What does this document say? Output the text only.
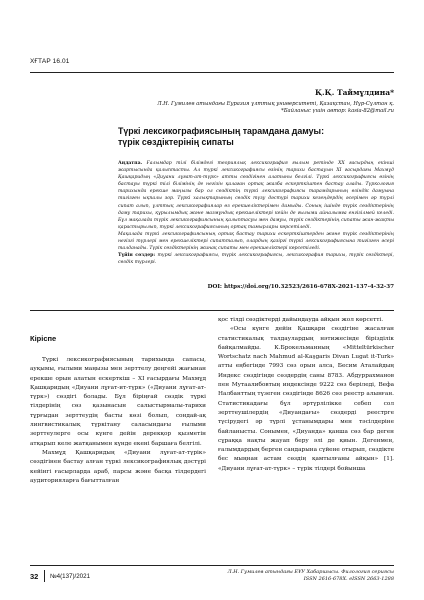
ХҒТАР 16.01
Қ.Қ. Таймұлдина*
Л.Н. Гумилев атындағы Еуразия ұлттық университеті, Қазақстан, Нұр-Сұлтан қ.
*Байланыс үшін автор: kasia-82@mail.ru
Түркі лексикографиясының тарамдана дамуы:
түрік сөздіктерінің сипаты

Аңдатпа. Ғалымдар тілі білімдегі теориялық лексикография ғылым ретінде ХХ ғасырдың екінші жартысында қалыптасты. Ал түркі лексикографиясы өзінің тарихи бастауын ХІ ғасырдағы Махмұд Қашқаридың «Диуани лұғат-ат-түрк» атты сөздігінен алатыны белгілі. Түркі лексикографиясы өзінің бастауы түркі тілі білімінің де негізін қалаған ортақ жазба ескерткіштен бастау алады. Түркология тарихында ерекше маңызы бар ол сөздіктің түркі лексикографиясы тарамдарының өзіндік дамуына тигізген ықпалы зор. Түркі халықтарының сөздік түзу дәстүрі тарихи кезеңдердің әсерімен әр түрлі сипат алып, ұлттық лексикографиялар өз ерекшеліктерімен дамыды. Соның ішінде түрік сөздіктерінің даму тарихы, құрылымдық және мазмұндық ерекшеліктері кейін де ғылыми айналымға енгізілмей келеді. Бұл мақалада түрік лексикографиясының қалыптасуы мен дамуы, түрік сөздіктерінің сипаты жан-жақты қарастырылып, түркі лексикографиясының ортақ тамырлары көрсетіледі.

Мақалада түркі лексикографиясының ортақ бастау тарихи ескерткіштерден және түрік сөздіктерінің негізгі түрлері мен ерекшеліктері сипатталып, олардың қазіргі түркі лексикографиясына тигізген әсері талданады. Түрік сөздіктерінің жинақ сипаты мен ерекшеліктері көрсетіледі.

Түйін сөздер: түркі лексикографиясы, түрік лексикографиясы, лексикография тарихы, түрік сөздіктері, сөздік түрлері.

DOI: https://doi.org/10.32523/2616-678X-2021-137-4-32-37
Кіріспе

Түркі лексикографиясының тарихында сапасы, ауқымы, ғылыми маңызы мен зерттелу деңгейі жағынан ерекше орын алатын ескерткіш – ХІ ғасырдағы Махмұд Қашқаридың «Диуани лұғат-ит-түрк» («Диуани лұғат-ат-түрк») сөздігі болады. Бұл біріңғай сөздік түркі тілдерінің сөз қазынасын салыстырмалы-тарихи тұрғыдан зерттеудің басты көзі болып, сондай-ақ лингвистикалық түркітану саласындағы ғылыми зерттеулерге осы күнге дейін дерекқор қызметін атқарып келе жатқанымен күнде екені баршаға белгілі.

Махмұд Қашқаридың «Диуани лұғат-ат-түрік» сөздігінен бастау алған түркі лексикографиялық дәстүрі кейінгі ғасырларда араб, парсы және басқа тілдердегі аудиторияларға бағытталған

қос тілді сөздіктерді дайындауда айқын жол көрсетті.

«Осы күнге дейін Қашқари сөздігіне жасалған статистикалық талдаулардың нәтижесінде бірізділік байқалмайды. К.Брокельманның «Mitteltürkischer Wortschatz nach Mahmud al-Kaşgaris Divan Lugat it-Turk» атты еңбегінде 7993 сөз орын алса, Бесим Аталайдың Индекс сөздігінде сөздердің саны 8783. Абдуррахманов пен Мутаалибовтың индексінде 9222 сөз беріледі, Вефа Налбанттың түзеген сөздігінде 8626 сөз реестр алынған. Статистикадағы бұл әртүрлілікке себеп сол зерттеушілердің «Диуандағы» сөздерді реестрге түсірудегі әр түрлі ұстанымдары мен тәсілдеріне байланысты. Сонымен, «Диуанда» қанша сөз бар деген сұраққа нақты жауап беру әлі де қиын. Дегенмен, ғалымдардың берген сандарына сүйене отырып, сөздікте бес мыңнан астам сөздің қамтылғаны айқын» [1]. «Диуани лұғат-ат-түрк» – түрік тілдері бойынша

32 №4(137)/2021
Л.Н. Гумилев атындағы ЕҰУ Хабаршысы. Филология сериясы
ISSN 2616-678X. eISSN 2663-1288
